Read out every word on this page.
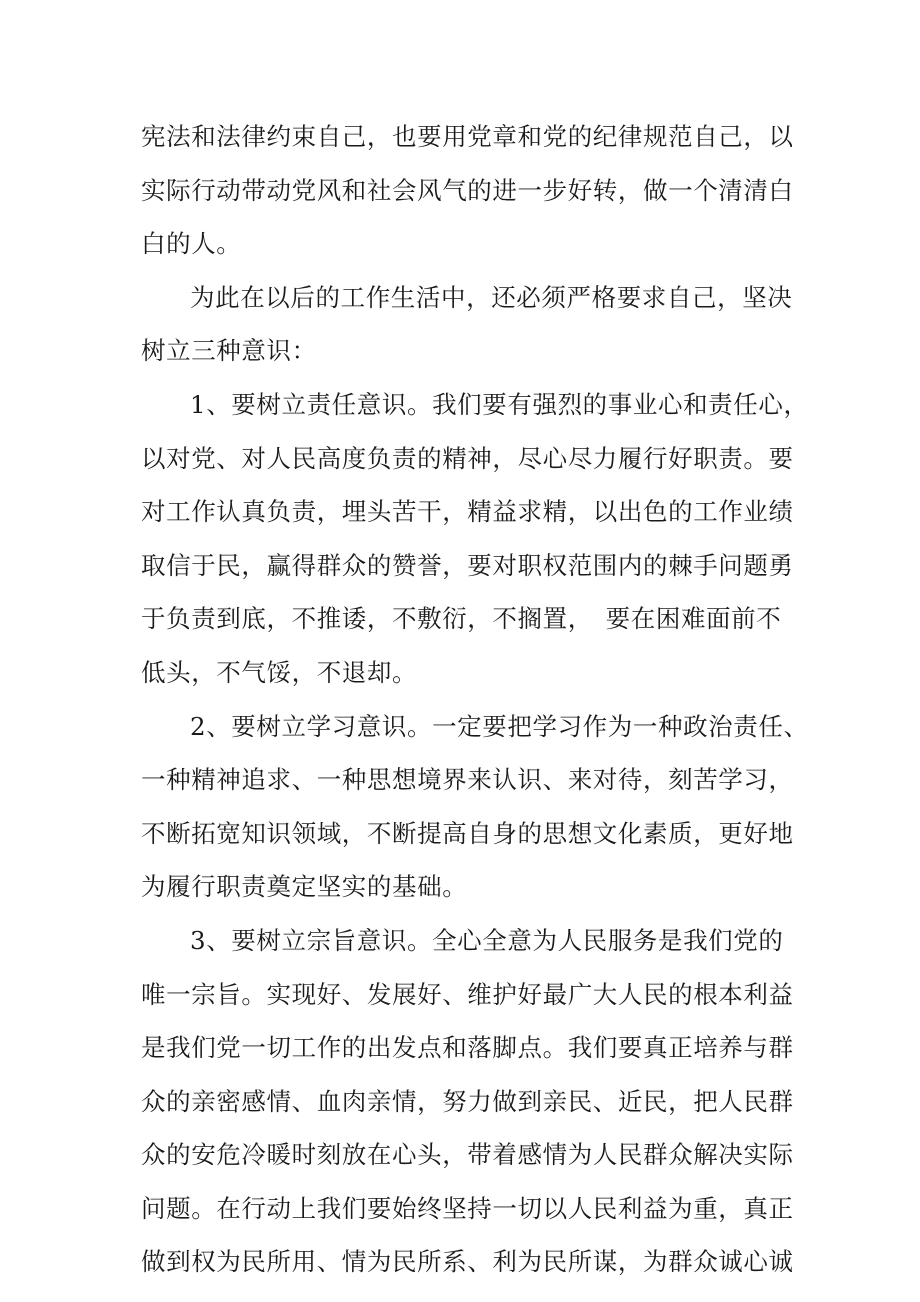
宪法和法律约束自己，也要用党章和党的纪律规范自己，以
实际行动带动党风和社会风气的进一步好转，做一个清清白
白的人。
为此在以后的工作生活中，还必须严格要求自己，坚决
树立三种意识：
1、要树立责任意识。我们要有强烈的事业心和责任心，
以对党、对人民高度负责的精神，尽心尽力履行好职责。要
对工作认真负责，埋头苦干，精益求精，以出色的工作业绩
取信于民，赢得群众的赞誉，要对职权范围内的棘手问题勇
于负责到底，不推诿，不敷衍，不搁置，　要在困难面前不
低头，不气馁，不退却。
2、要树立学习意识。一定要把学习作为一种政治责任、
一种精神追求、一种思想境界来认识、来对待，刻苦学习，
不断拓宽知识领域，不断提高自身的思想文化素质，更好地
为履行职责奠定坚实的基础。
3、要树立宗旨意识。全心全意为人民服务是我们党的
唯一宗旨。实现好、发展好、维护好最广大人民的根本利益
是我们党一切工作的出发点和落脚点。我们要真正培养与群
众的亲密感情、血肉亲情，努力做到亲民、近民，把人民群
众的安危冷暖时刻放在心头，带着感情为人民群众解决实际
问题。在行动上我们要始终坚持一切以人民利益为重，真正
做到权为民所用、情为民所系、利为民所谋，为群众诚心诚
